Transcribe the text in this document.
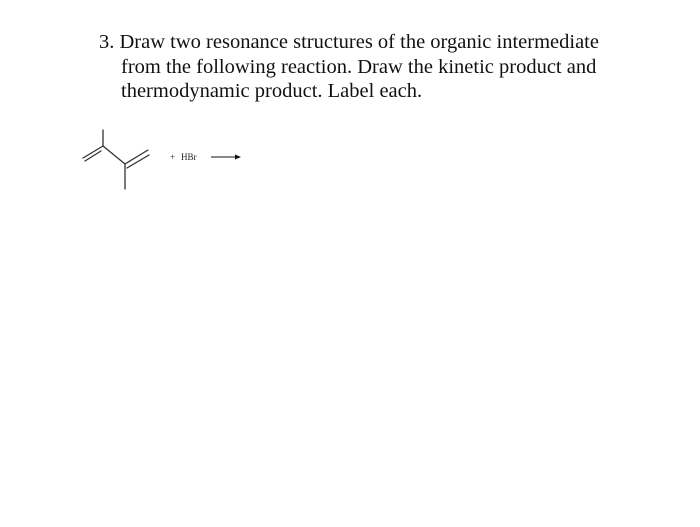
3. Draw two resonance structures of the organic intermediate
from the following reaction. Draw the kinetic product and
thermodynamic product. Label each.
+ HBr
